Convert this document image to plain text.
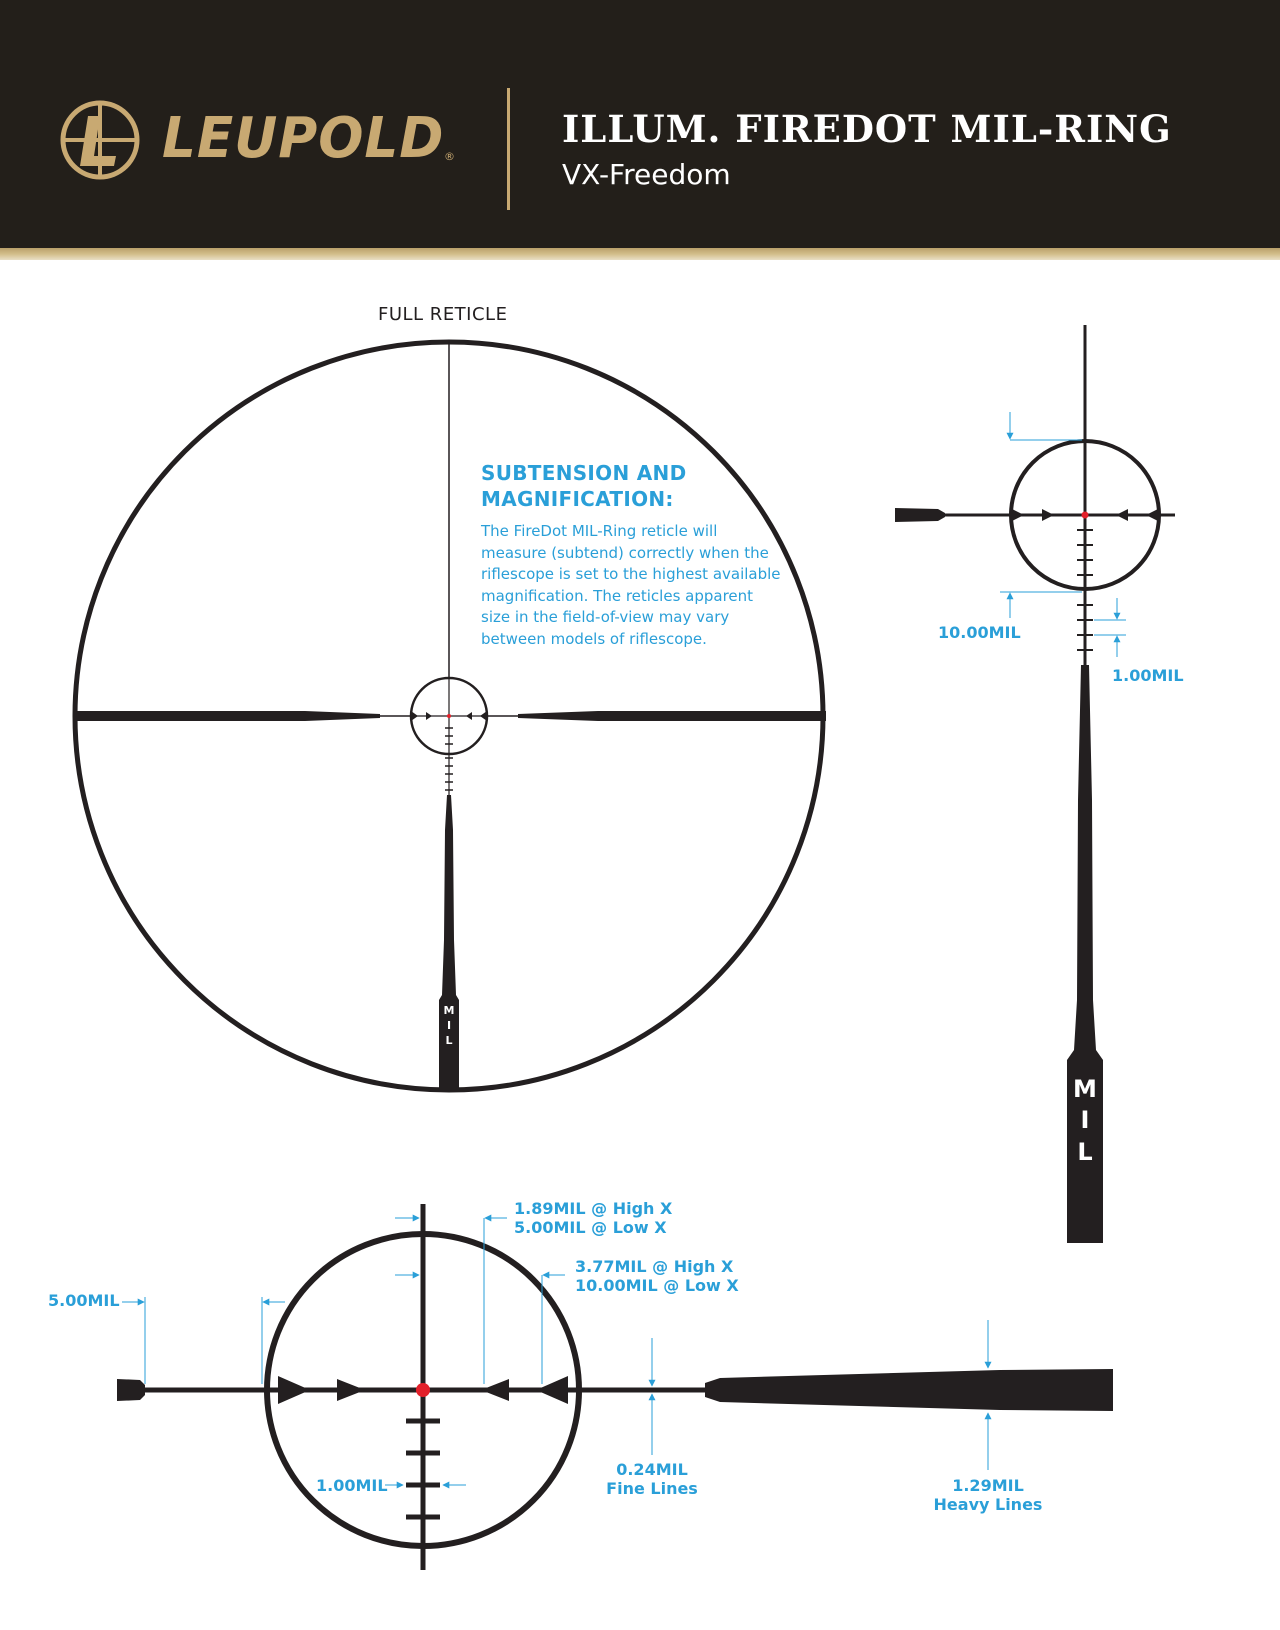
LEUPOLD ®
ILLUM. FIREDOT MIL-RING
VX-Freedom
M
I
L
M
I
L
FULL RETICLE
SUBTENSION AND MAGNIFICATION:
The FireDot MIL-Ring reticle will measure (subtend) correctly when the riflescope is set to the highest available magnification. The reticles apparent size in the field-of-view may vary between models of riflescope.	10.00MIL
1.00MIL
5.00MIL
1.89MIL @ High X
5.00MIL @ Low X
3.77MIL @ High X
10.00MIL @ Low X
1.00MIL
0.24MIL
Fine Lines	1.29MIL
Heavy Lines
